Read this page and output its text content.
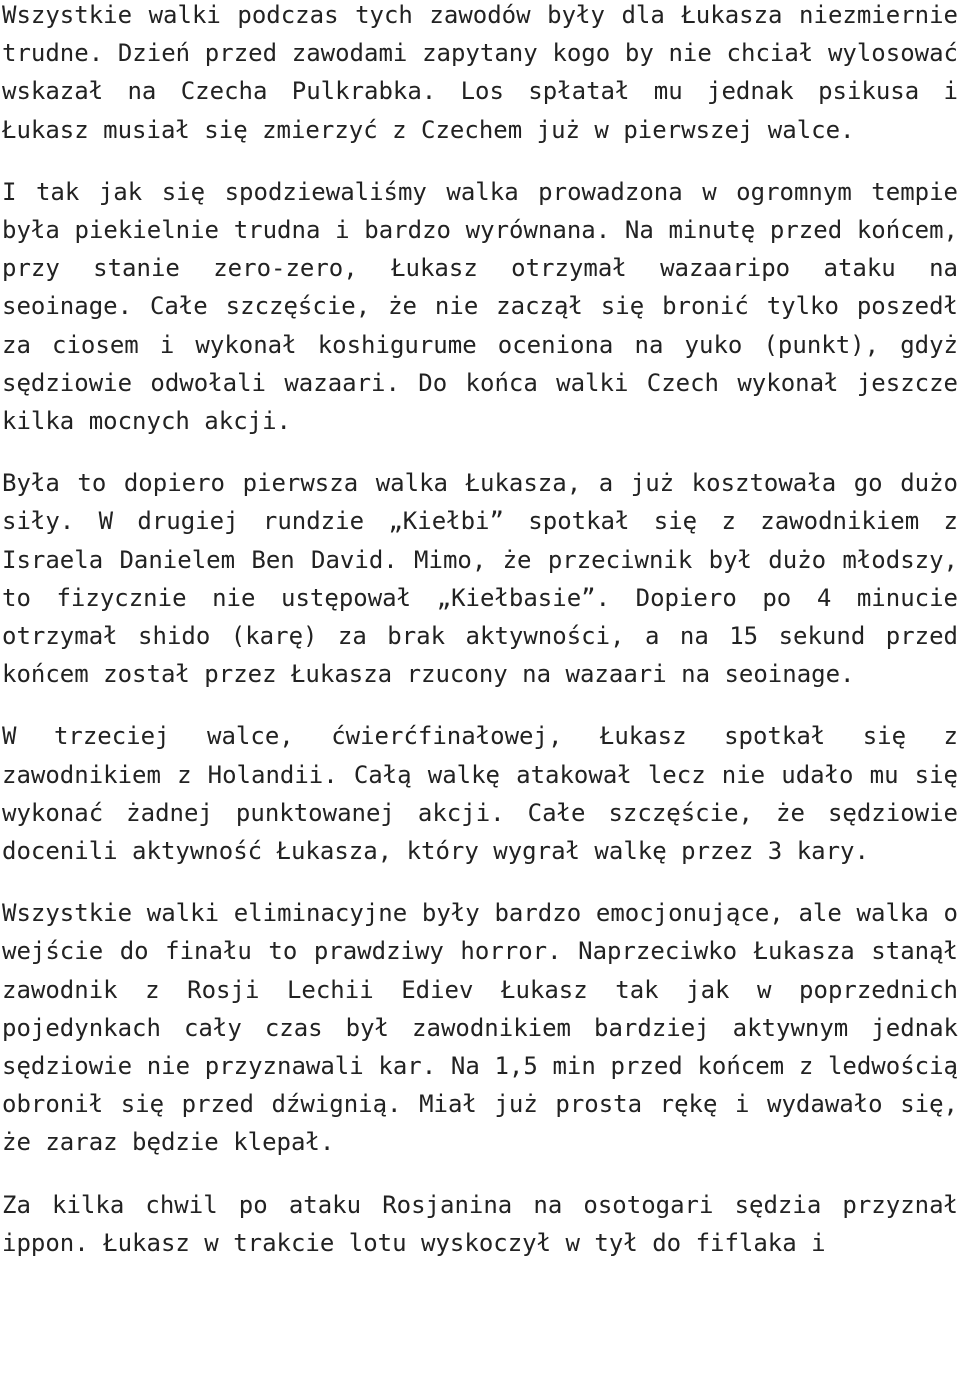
Wszystkie walki podczas tych zawodów były dla Łukasza niezmiernie trudne. Dzień przed zawodami zapytany kogo by nie chciał wylosować wskazał na Czecha Pulkrabka. Los spłatał mu jednak psikusa i Łukasz musiał się zmierzyć z Czechem już w pierwszej walce.

I tak jak się spodziewaliśmy walka prowadzona w ogromnym tempie była piekielnie trudna i bardzo wyrównana. Na minutę przed końcem, przy stanie zero-zero, Łukasz otrzymał wazaaripo ataku na seoinage. Całe szczęście, że nie zaczął się bronić tylko poszedł za ciosem i wykonał koshigurume oceniona na yuko (punkt), gdyż sędziowie odwołali wazaari. Do końca walki Czech wykonał jeszcze kilka mocnych akcji.

Była to dopiero pierwsza walka Łukasza, a już kosztowała go dużo siły. W drugiej rundzie „Kiełbi” spotkał się z zawodnikiem z Israela Danielem Ben David. Mimo, że przeciwnik był dużo młodszy, to fizycznie nie ustępował „Kiełbasie”. Dopiero po 4 minucie otrzymał shido (karę) za brak aktywności, a na 15 sekund przed końcem został przez Łukasza rzucony na wazaari na seoinage.

W trzeciej walce, ćwierćfinałowej, Łukasz spotkał się z zawodnikiem z Holandii. Całą walkę atakował lecz nie udało mu się wykonać żadnej punktowanej akcji. Całe szczęście, że sędziowie docenili aktywność Łukasza, który wygrał walkę przez 3 kary.

Wszystkie walki eliminacyjne były bardzo emocjonujące, ale walka o wejście do finału to prawdziwy horror. Naprzeciwko Łukasza stanął zawodnik z Rosji Lechii Ediev Łukasz tak jak w poprzednich pojedynkach cały czas był zawodnikiem bardziej aktywnym jednak sędziowie nie przyznawali kar. Na 1,5 min przed końcem z ledwością obronił się przed dźwignią. Miał już prosta rękę i wydawało się, że zaraz będzie klepał.

Za kilka chwil po ataku Rosjanina na osotogari sędzia przyznał ippon. Łukasz w trakcie lotu wyskoczył w tył do fiflaka i
